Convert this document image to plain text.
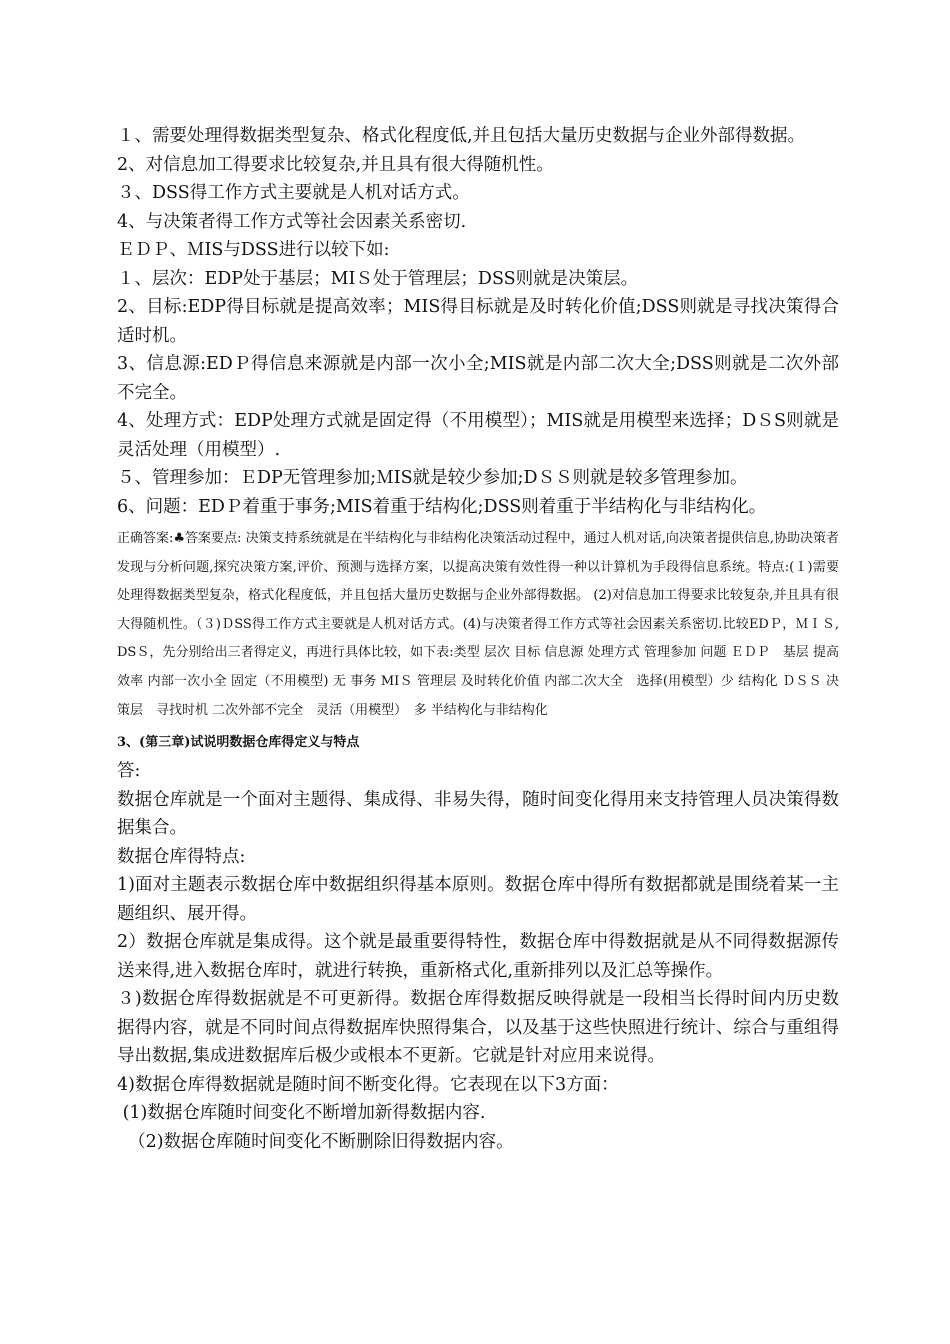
１、需要处理得数据类型复杂、格式化程度低,并且包括大量历史数据与企业外部得数据。

2、对信息加工得要求比较复杂,并且具有很大得随机性。

３、DSS得工作方式主要就是人机对话方式。

4、与决策者得工作方式等社会因素关系密切.

ＥＤＰ、ＭIS与DSS进行以较下如:

１、层次：EDP处于基层；MIＳ处于管理层；DSS则就是决策层。

2、目标:EDP得目标就是提高效率；MIS得目标就是及时转化价值;DSS则就是寻找决策得合适时机。

3、信息源:EDＰ得信息来源就是内部一次小全;MIS就是内部二次大全;DSS则就是二次外部不完全。

4、处理方式：EDP处理方式就是固定得（不用模型）；MIS就是用模型来选择；DＳS则就是灵活处理（用模型）.

５、管理参加：ＥDP无管理参加;ＭIS就是较少参加;DＳＳ则就是较多管理参加。

6、问题：EDＰ着重于事务;MIS着重于结构化;DSS则着重于半结构化与非结构化。

正确答案:♣答案要点: 决策支持系统就是在半结构化与非结构化决策活动过程中，通过人机对话,向决策者提供信息,协助决策者发现与分析问题,探究决策方案,评价、预测与选择方案，以提高决策有效性得一种以计算机为手段得信息系统。特点:(１)需要处理得数据类型复杂，格式化程度低，并且包括大量历史数据与企业外部得数据。 (2)对信息加工得要求比较复杂,并且具有很大得随机性。（３)ＤSS得工作方式主要就是人机对话方式。(4)与决策者得工作方式等社会因素关系密切.比较EDＰ，ＭＩＳ,DSＳ，先分别给出三者得定义，再进行具体比较，如下表:类型 层次 目标 信息源 处理方式 管理参加 问题 ＥＤＰ　基层 提高效率 内部一次小全 固定（不用模型) 无 事务 MIＳ 管理层 及时转化价值 内部二次大全　选择(用模型）少 结构化 ＤＳＳ 决策层　寻找时机 二次外部不完全　灵活（用模型）　多 半结构化与非结构化

3、(第三章)试说明数据仓库得定义与特点

答:

数据仓库就是一个面对主题得、集成得、非易失得，随时间变化得用来支持管理人员决策得数据集合。

数据仓库得特点:

1)面对主题表示数据仓库中数据组织得基本原则。数据仓库中得所有数据都就是围绕着某一主题组织、展开得。

2）数据仓库就是集成得。这个就是最重要得特性，数据仓库中得数据就是从不同得数据源传送来得,进入数据仓库时，就进行转换，重新格式化,重新排列以及汇总等操作。

３)数据仓库得数据就是不可更新得。数据仓库得数据反映得就是一段相当长得时间内历史数据得内容，就是不同时间点得数据库快照得集合，以及基于这些快照进行统计、综合与重组得导出数据,集成进数据库后极少或根本不更新。它就是针对应用来说得。

4)数据仓库得数据就是随时间不断变化得。它表现在以下3方面：

(1)数据仓库随时间变化不断增加新得数据内容.

（2)数据仓库随时间变化不断删除旧得数据内容。
